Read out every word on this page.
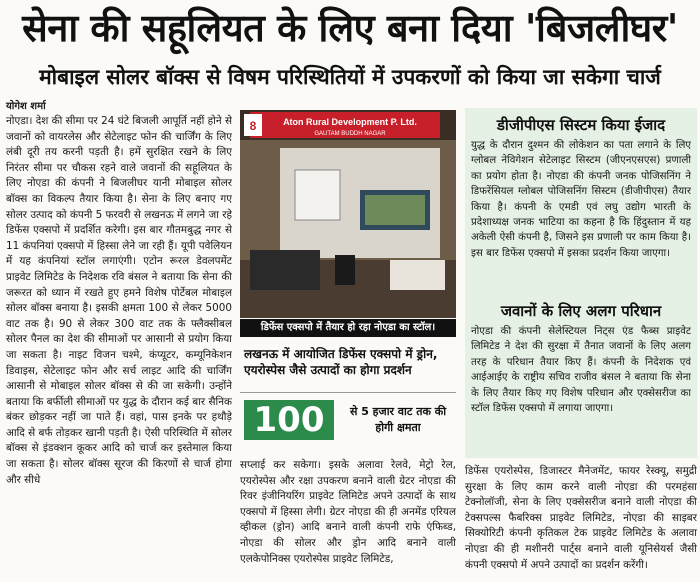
सेना की सहूलियत के लिए बना दिया 'बिजलीघर'
मोबाइल सोलर बॉक्स से विषम परिस्थितियों में उपकरणों को किया जा सकेगा चार्ज
योगेश शर्मा

नोएडा। देश की सीमा पर 24 घंटे बिजली आपूर्ति नहीं होने से जवानों को वायरलेस और सेटेलाइट फोन की चार्जिंग के लिए लंबी दूरी तय करनी पड़ती है। हमें सुरक्षित रखने के लिए निरंतर सीमा पर चौकस रहने वाले जवानों की सहूलियत के लिए नोएडा की कंपनी ने बिजलीघर यानी मोबाइल सोलर बॉक्स का विकल्प तैयार किया है। सेना के लिए बनाए गए सोलर उत्पाद को कंपनी 5 फरवरी से लखनऊ में लगने जा रहे डिफेंस एक्सपो में प्रदर्शित करेगी। इस बार गौतमबुद्ध नगर से 11 कंपनियां एक्सपो में हिस्सा लेने जा रही हैं। यूपी पवेलियन में यह कंपनियां स्टॉल लगाएंगी। एटोन रूरल डेवलपमेंट प्राइवेट लिमिटेड के निदेशक रवि बंसल ने बताया कि सेना की जरूरत को ध्यान में रखते हुए हमने विशेष पोर्टेबल मोबाइल सोलर बॉक्स बनाया है। इसकी क्षमता 100 से लेकर 5000 वाट तक है। 90 से लेकर 300 वाट तक के फ्लैक्सीबल सोलर पैनल का देश की सीमाओं पर आसानी से प्रयोग किया जा सकता है। नाइट विजन चश्मे, कंप्यूटर, कम्यूनिकेशन डिवाइस, सेटेलाइट फोन और सर्च लाइट आदि की चार्जिंग आसानी से मोबाइल सोलर बॉक्स से की जा सकेगी। उन्होंने बताया कि बर्फीली सीमाओं पर युद्ध के दौरान कई बार सैनिक बंकर छोड़कर नहीं जा पाते हैं। वहां, पास इनके पर हथौड़े आदि से बर्फ तोड़कर खानी पड़ती है। ऐसी परिस्थिति में सोलर बॉक्स से इंडक्शन कूकर आदि को चार्ज कर इस्तेमाल किया जा सकता है। सोलर बॉक्स सूरज की किरणों से चार्ज होगा और सीधे

8	Aton Rural Development P. Ltd.
GAUTAM BUDDH NAGAR
डिफेंस एक्सपो में तैयार हो रहा नोएडा का स्टॉल।
लखनऊ में आयोजित डिफेंस एक्सपो में ड्रोन, एयरोस्पेस जैसे उत्पादों का होगा प्रदर्शन
100	से 5 हजार वाट तक की होगी क्षमता

सप्लाई कर सकेगा। इसके अलावा रेलवे, मेट्रो रेल, एयरोस्पेस और रक्षा उपकरण बनाने वाली ग्रेटर नोएडा की रिवर इंजीनियरिंग प्राइवेट लिमिटेड अपने उत्पादों के साथ एक्सपो में हिस्सा लेगी। ग्रेटर नोएडा की ही अनमेंड एरियल व्हीकल (ड्रोन) आदि बनाने वाली कंपनी राफे एंफिब्ड, नोएडा की सोलर और ड्रोन आदि बनाने वाली एलकेपोनिक्स एयरोस्पेस प्राइवेट लिमिटेड,

डीजीपीएस सिस्टम किया ईजाद
युद्ध के दौरान दुश्मन की लोकेशन का पता लगाने के लिए ग्लोबल नेविगेशन सेटेलाइट सिस्टम (जीएनएसएस) प्रणाली का प्रयोग होता है। नोएडा की कंपनी जनक पोजिसनिंग ने डिफरेंसियल ग्लोबल पोजिसनिंग सिस्टम (डीजीपीएस) तैयार किया है। कंपनी के एमडी एवं लघु उद्योग भारती के प्रदेशाध्यक्ष जनक भाटिया का कहना है कि हिंदुस्तान में यह अकेली ऐसी कंपनी है, जिसने इस प्रणाली पर काम किया है। इस बार डिफेंस एक्सपो में इसका प्रदर्शन किया जाएगा।
जवानों के लिए अलग परिधान
नोएडा की कंपनी सेलेस्टियल निट्स एंड फैब्स प्राइवेट लिमिटेड ने देश की सुरक्षा में तैनात जवानों के लिए अलग तरह के परिधान तैयार किए हैं। कंपनी के निदेशक एवं आईआईए के राष्ट्रीय सचिव राजीव बंसल ने बताया कि सेना के लिए तैयार किए गए विशेष परिधान और एक्सेसरीज का स्टॉल डिफेंस एक्सपो में लगाया जाएगा।

डिफेंस एयरोस्पेस, डिजास्टर मैनेजमेंट, फायर रेस्क्यू, समुद्री सुरक्षा के लिए काम करने वाली नोएडा की परमहंसा टेक्नोलॉजी, सेना के लिए एक्सेसरीज बनाने वाली नोएडा की टेक्सपल्स फैबरिक्स प्राइवेट लिमिटेड, नोएडा की साइबर सिक्योरिटी कंपनी कृतिकल टेक प्राइवेट लिमिटेड के अलावा नोएडा की ही मशीनरी पार्ट्स बनाने वाली यूनिसेयर्स जैसी कंपनी एक्सपो में अपने उत्पादों का प्रदर्शन करेंगी।
